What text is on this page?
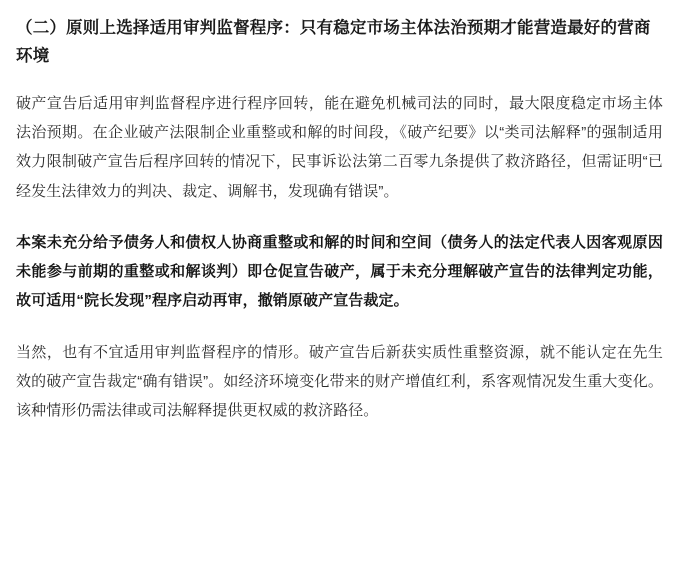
（二）原则上选择适用审判监督程序：只有稳定市场主体法治预期才能营造最好的营商环境

破产宣告后适用审判监督程序进行程序回转，能在避免机械司法的同时，最大限度稳定市场主体法治预期。在企业破产法限制企业重整或和解的时间段，《破产纪要》以“类司法解释”的强制适用效力限制破产宣告后程序回转的情况下，民事诉讼法第二百零九条提供了救济路径，但需证明“已经发生法律效力的判决、裁定、调解书，发现确有错误”。

本案未充分给予债务人和债权人协商重整或和解的时间和空间（债务人的法定代表人因客观原因未能参与前期的重整或和解谈判）即仓促宣告破产，属于未充分理解破产宣告的法律判定功能，故可适用“院长发现”程序启动再审，撤销原破产宣告裁定。

当然，也有不宜适用审判监督程序的情形。破产宣告后新获实质性重整资源，就不能认定在先生效的破产宣告裁定“确有错误”。如经济环境变化带来的财产增值红利，系客观情况发生重大变化。该种情形仍需法律或司法解释提供更权威的救济路径。
